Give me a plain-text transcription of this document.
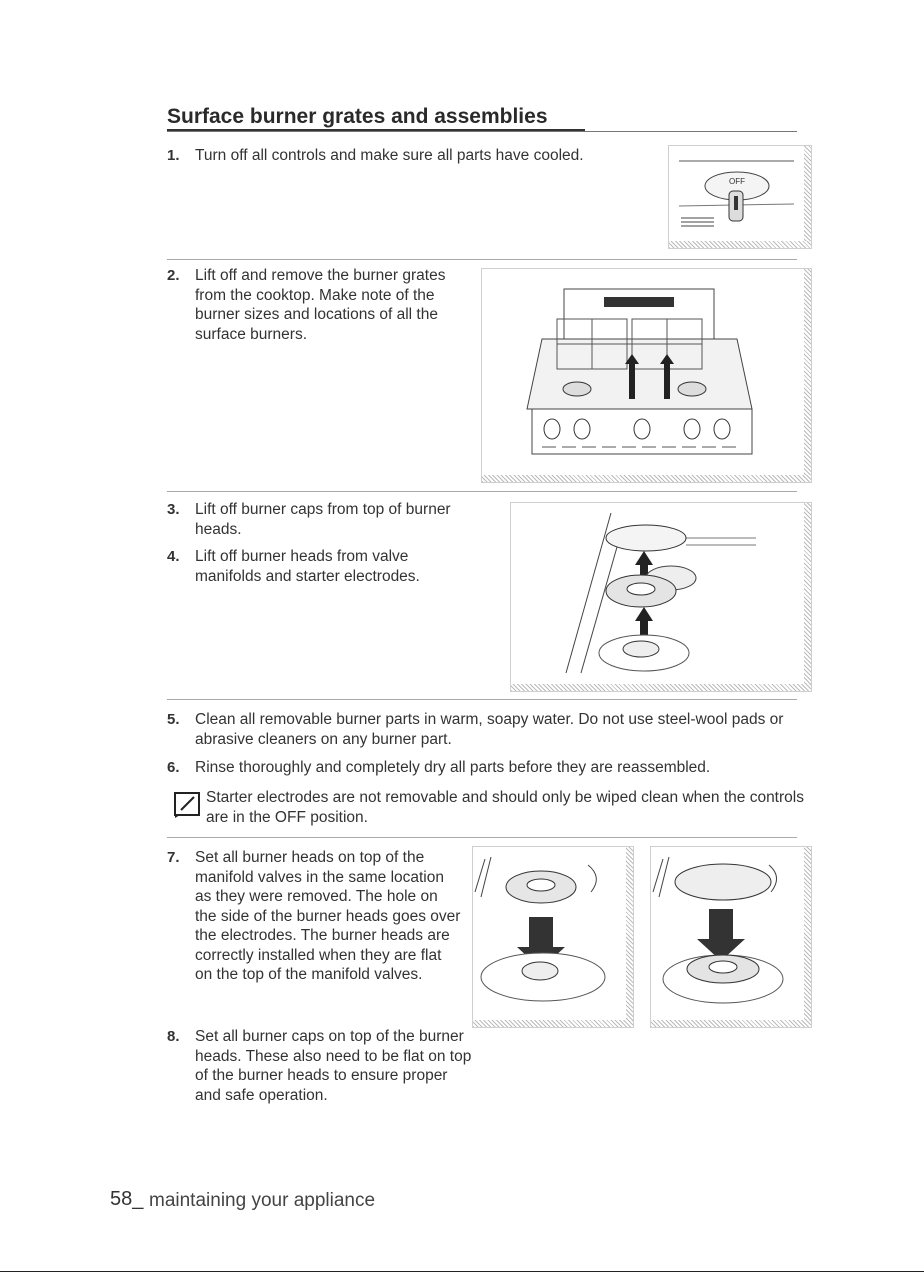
Surface burner grates and assemblies
1. Turn off all controls and make sure all parts have cooled.
OFF
2. Lift off and remove the burner grates from the cooktop. Make note of the burner sizes and locations of all the surface burners.
3. Lift off burner caps from top of burner heads.
4. Lift off burner heads from valve manifolds and starter electrodes.
5. Clean all removable burner parts in warm, soapy water. Do not use steel-wool pads or abrasive cleaners on any burner part.
6. Rinse thoroughly and completely dry all parts before they are reassembled.
Starter electrodes are not removable and should only be wiped clean when the controls are in the OFF position.
7. Set all burner heads on top of the manifold valves in the same location as they were removed. The hole on the side of the burner heads goes over the electrodes. The burner heads are correctly installed when they are flat on the top of the manifold valves.
8. Set all burner caps on top of the burner heads. These also need to be flat on top of the burner heads to ensure proper and safe operation.
58_ maintaining your appliance
